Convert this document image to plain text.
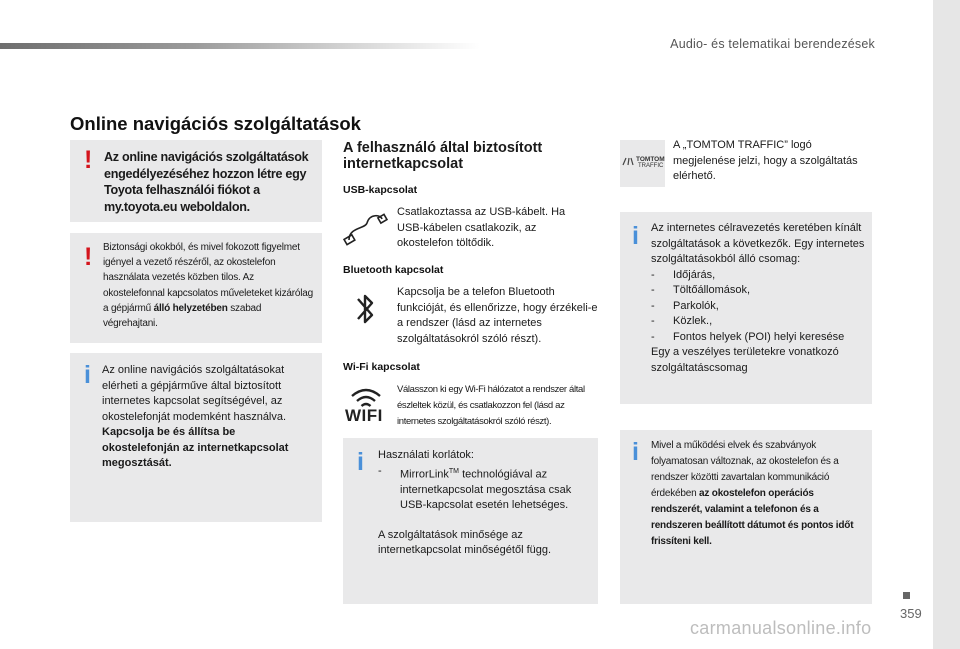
Audio- és telematikai berendezések
Online navigációs szolgáltatások
! Az online navigációs szolgáltatások engedélyezéséhez hozzon létre egy Toyota felhasználói fiókot a my.toyota.eu weboldalon.
! Biztonsági okokból, és mivel fokozott figyelmet igényel a vezető részéről, az okostelefon használata vezetés közben tilos. Az okostelefonnal kapcsolatos műveleteket kizárólag a gépjármű álló helyzetében szabad végrehajtani.
i Az online navigációs szolgáltatásokat elérheti a gépjárműve által biztosított internetes kapcsolat segítségével, az okostelefonját modemként használva.
Kapcsolja be és állítsa be okostelefonján az internetkapcsolat megosztását.
A felhasználó által biztosított internetkapcsolat
USB-kapcsolat
Csatlakoztassa az USB-kábelt. Ha USB-kábelen csatlakozik, az okostelefon töltődik.
Bluetooth kapcsolat
Kapcsolja be a telefon Bluetooth funkcióját, és ellenőrizze, hogy érzékeli-e a rendszer (lásd az internetes szolgáltatásokról szóló részt).
Wi-Fi kapcsolat
WIFI
Válasszon ki egy Wi-Fi hálózatot a rendszer által észleltek közül, és csatlakozzon fel (lásd az internetes szolgáltatásokról szóló részt).
i Használati korlátok:
- MirrorLink™ technológiával az internetkapcsolat megosztása csak USB-kapcsolat esetén lehetséges.
A szolgáltatások minősége az internetkapcsolat minőségétől függ.
TOMTOM
TRAFFIC
A „TOMTOM TRAFFIC” logó megjelenése jelzi, hogy a szolgáltatás elérhető.
i Az internetes célravezetés keretében kínált szolgáltatások a következők. Egy internetes szolgáltatásokból álló csomag:
- Időjárás,
- Töltőállomások,
- Parkolók,
- Közlek.,
- Fontos helyek (POI) helyi keresése
Egy a veszélyes területekre vonatkozó szolgáltatáscsomag
i Mivel a működési elvek és szabványok folyamatosan változnak, az okostelefon és a rendszer közötti zavartalan kommunikáció érdekében az okostelefon operációs rendszerét, valamint a telefonon és a rendszeren beállított dátumot és pontos időt frissíteni kell.
359
carmanualsonline.info
